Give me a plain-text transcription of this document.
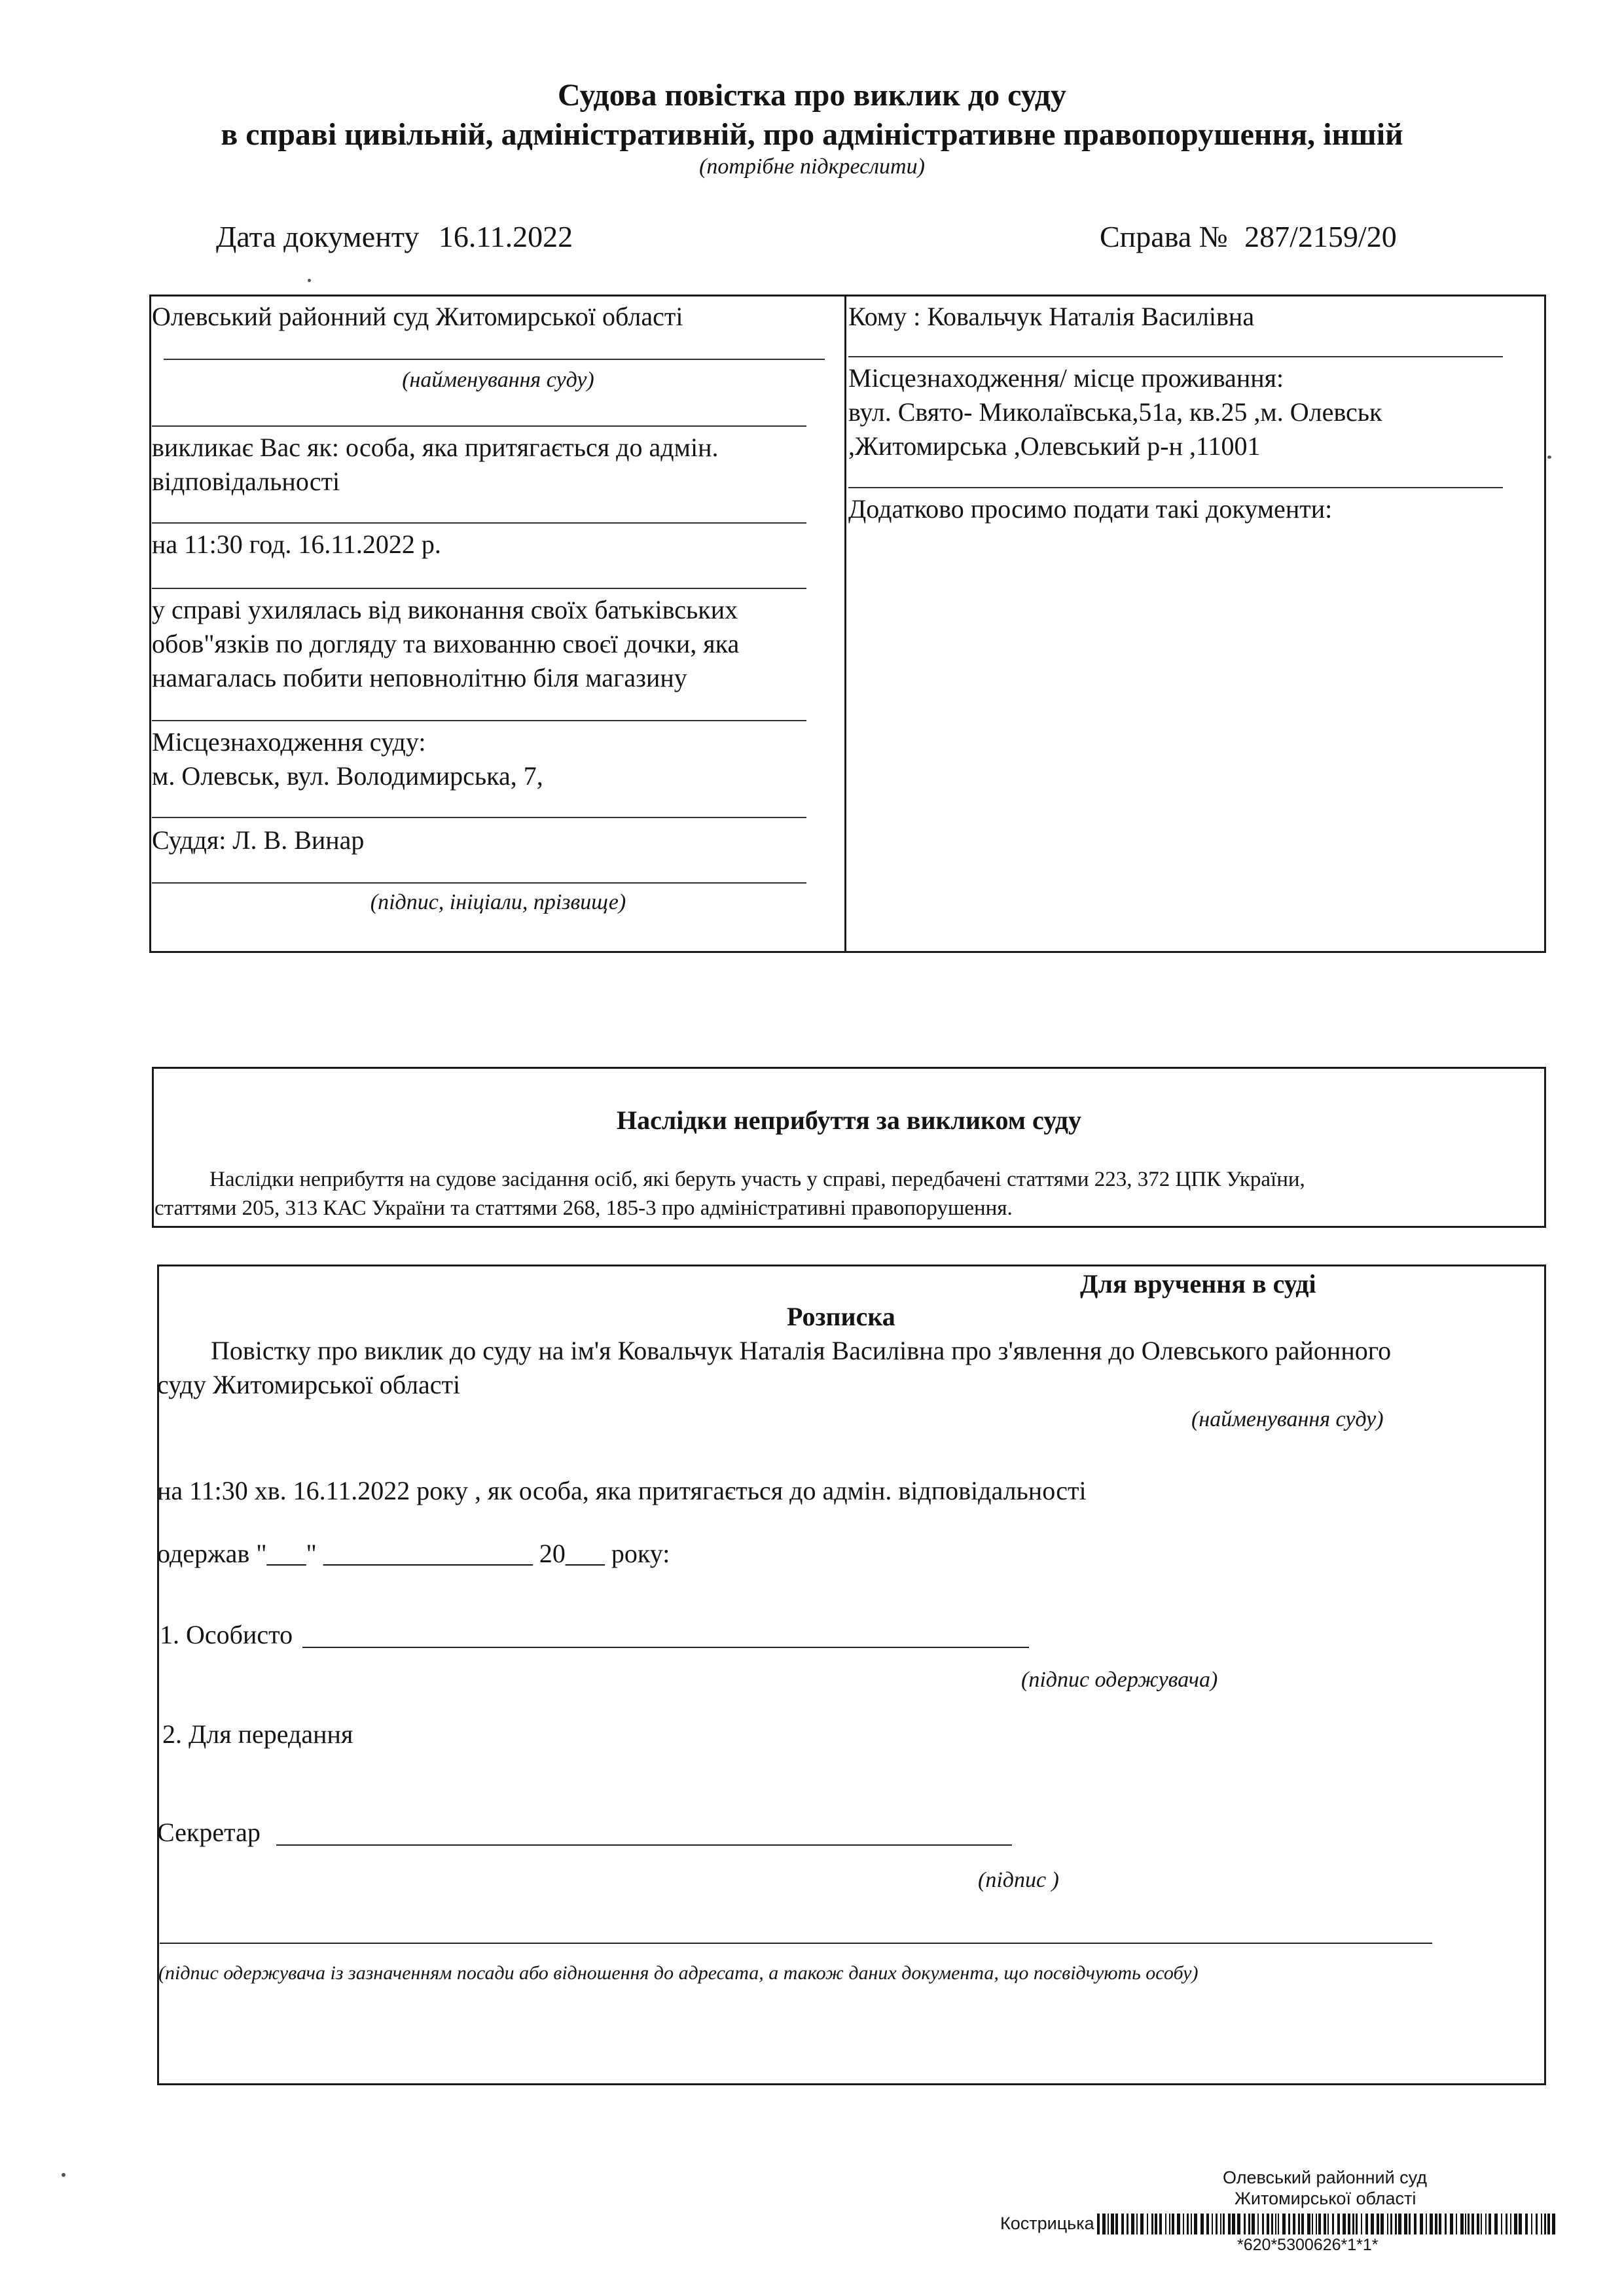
Судова повістка про виклик до суду
в справі цивільній, адміністративній, про адміністративне правопорушення, іншій
(потрібне підкреслити)
Дата документу 16.11.2022	Справа № 287/2159/20
Олевський районний суд Житомирської області
(найменування суду)
викликає Вас як: особа, яка притягається до адмін.
відповідальності
на 11:30 год. 16.11.2022 р.
у справі ухилялась від виконання своїх батьківських
обов"язків по догляду та вихованню своєї дочки, яка
намагалась побити неповнолітню біля магазину
Місцезнаходження суду:
м. Олевськ, вул. Володимирська, 7,
Суддя: Л. В. Винар
(підпис, ініціали, прізвище)
Кому : Ковальчук Наталія Василівна
Місцезнаходження/ місце проживання:
вул. Свято- Миколаївська,51а, кв.25 ,м. Олевськ
,Житомирська ,Олевський р-н ,11001
Додатково просимо подати такі документи:
Наслідки неприбуття за викликом суду
Наслідки неприбуття на судове засідання осіб, які беруть участь у справі, передбачені статтями 223, 372 ЦПК України,
статтями 205, 313 КАС України та статтями 268, 185-3 про адміністративні правопорушення.
Для вручення в суді
Розписка
Повістку про виклик до суду на ім'я Ковальчук Наталія Василівна про з'явлення до Олевського районного
суду Житомирської області
(найменування суду)
на 11:30 хв. 16.11.2022 року , як особа, яка притягається до адмін. відповідальності
одержав "___" ________________ 20___ року:
1. Особисто
(підпис одержувача)
2. Для передання
Секретар
(підпис )
(підпис одержувача із зазначенням посади або відношення до адресата, а також даних документа, що посвідчують особу)
Олевський районний суд
Житомирської області
Кострицька
*620*5300626*1*1*
